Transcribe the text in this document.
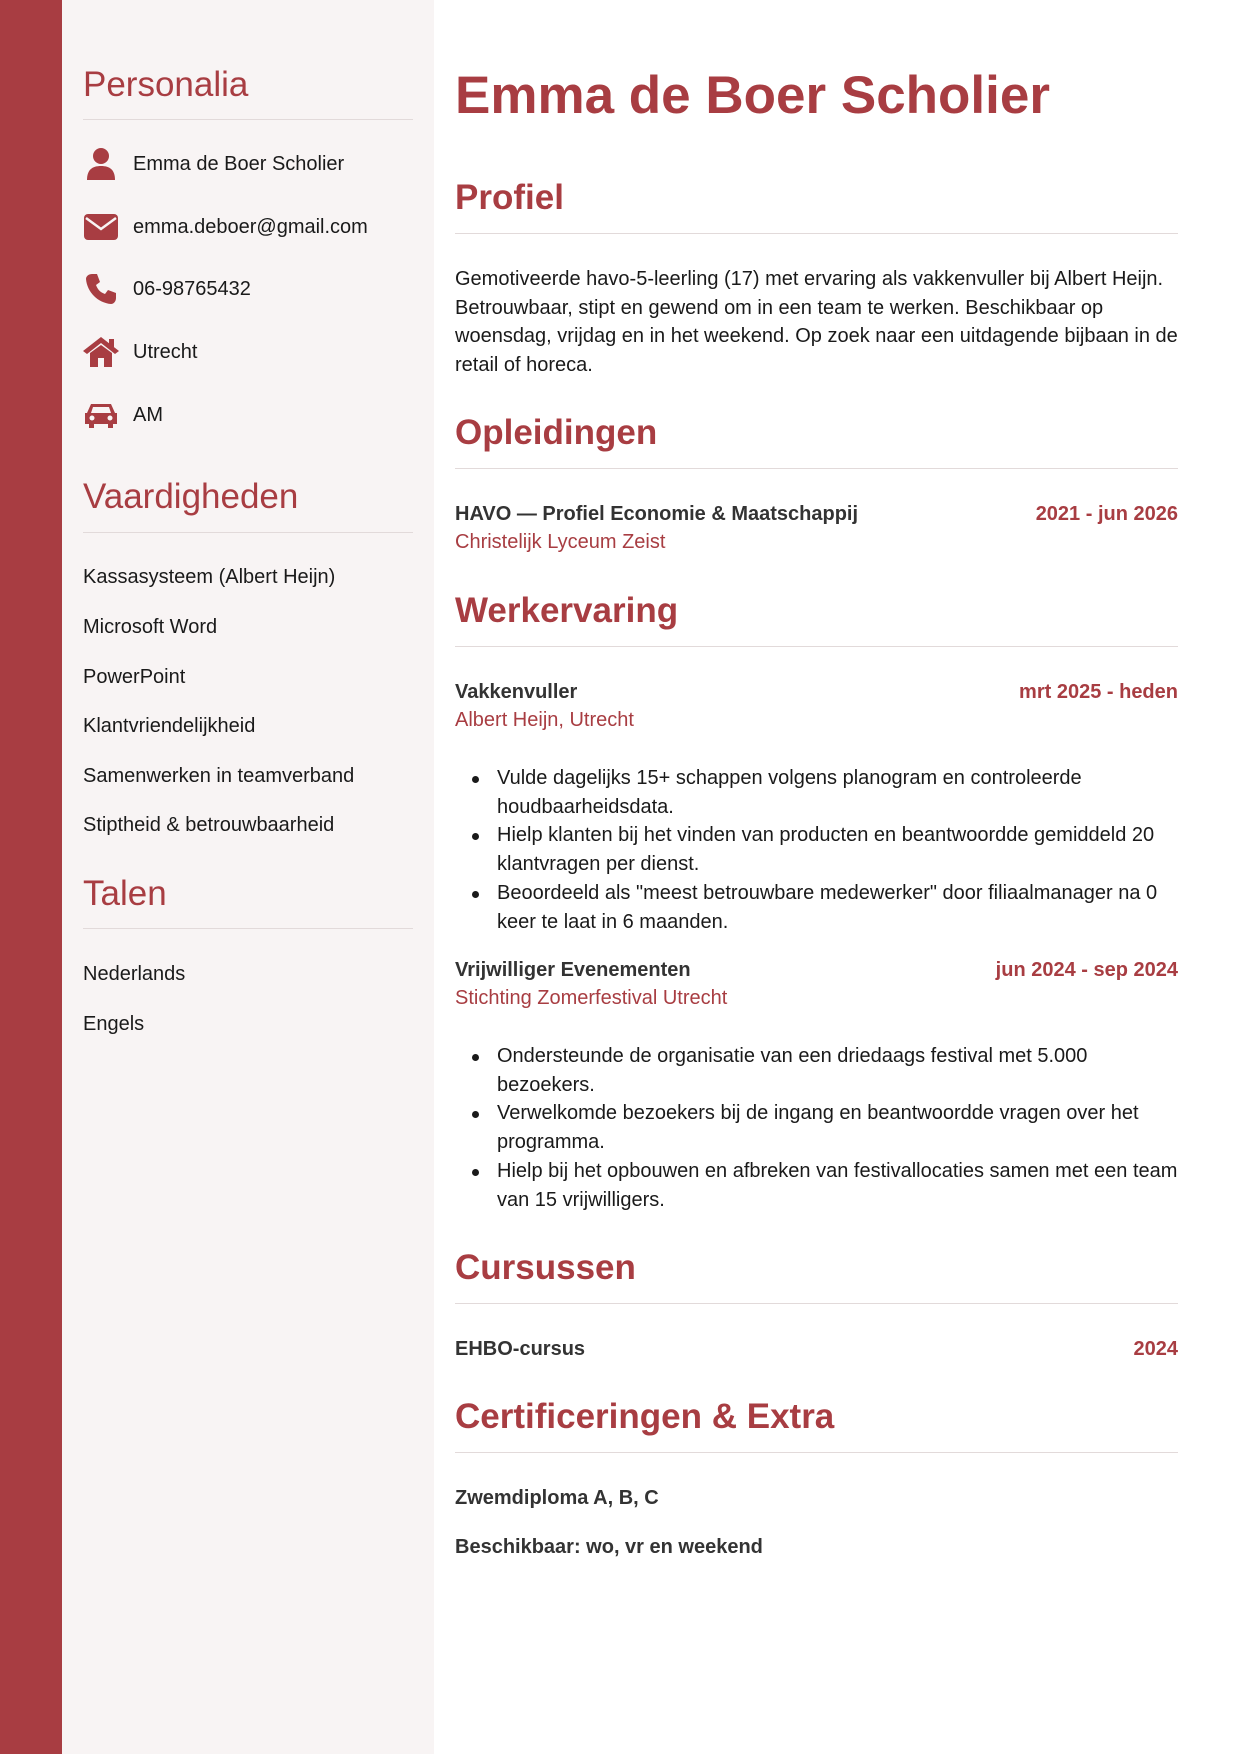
Personalia
Emma de Boer Scholier
emma.deboer@gmail.com
06-98765432
Utrecht
AM
Vaardigheden
Kassasysteem (Albert Heijn)
Microsoft Word
PowerPoint
Klantvriendelijkheid
Samenwerken in teamverband
Stiptheid & betrouwbaarheid
Talen
Nederlands
Engels
Emma de Boer Scholier
Profiel

Gemotiveerde havo-5-leerling (17) met ervaring als vakkenvuller bij Albert Heijn. Betrouwbaar, stipt en gewend om in een team te werken. Beschikbaar op woensdag, vrijdag en in het weekend. Op zoek naar een uitdagende bijbaan in de retail of horeca.

Opleidingen
HAVO — Profiel Economie & Maatschappij	2021 - jun 2026
Christelijk Lyceum Zeist
Werkervaring
Vakkenvuller	mrt 2025 - heden
Albert Heijn, Utrecht
Vulde dagelijks 15+ schappen volgens planogram en controleerde houdbaarheidsdata.
Hielp klanten bij het vinden van producten en beantwoordde gemiddeld 20 klantvragen per dienst.
Beoordeeld als "meest betrouwbare medewerker" door filiaalmanager na 0 keer te laat in 6 maanden.
Vrijwilliger Evenementen	jun 2024 - sep 2024
Stichting Zomerfestival Utrecht
Ondersteunde de organisatie van een driedaags festival met 5.000 bezoekers.
Verwelkomde bezoekers bij de ingang en beantwoordde vragen over het programma.
Hielp bij het opbouwen en afbreken van festivallocaties samen met een team van 15 vrijwilligers.
Cursussen
EHBO-cursus	2024
Certificeringen & Extra
Zwemdiploma A, B, C
Beschikbaar: wo, vr en weekend
